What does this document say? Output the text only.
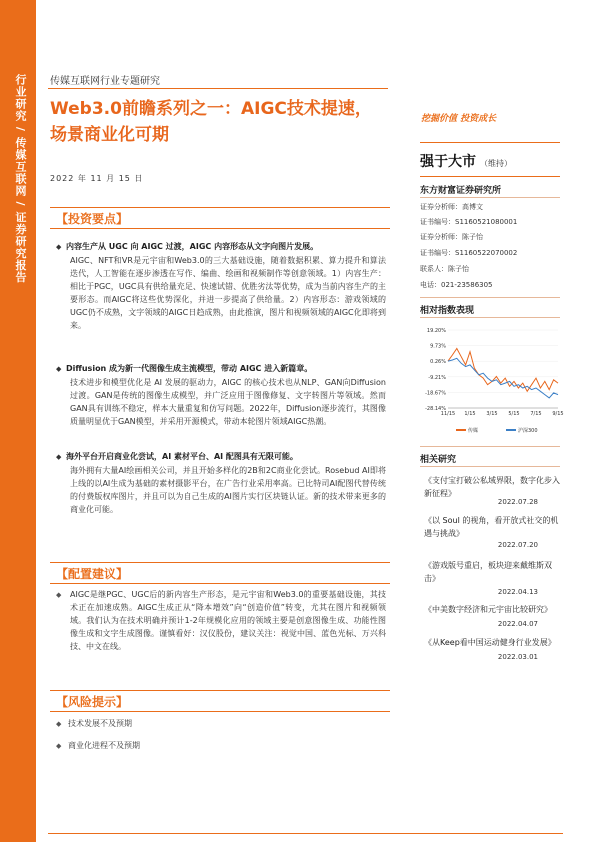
行业研究 / 传媒互联网 / 证券研究报告 传媒互联网行业专题研究
Web3.0前瞻系列之一：AIGC技术提速，
场景商业化可期
2022 年 11 月 15 日
挖掘价值 投资成长
【投资要点】
◆ 内容生产从 UGC 向 AIGC 过渡，AIGC 内容形态从文字向图片发展。
AIGC、NFT和VR是元宇宙和Web3.0的三大基础设施，随着数据积累、算力提升和算法迭代，人工智能在逐步渗透在写作、编曲、绘画和视频制作等创意领域。1）内容生产：相比于PGC，UGC具有供给量充足、快速试错、优胜劣汰等优势，成为当前内容生产的主要形态。而AIGC将这些优势深化，并进一步提高了供给量。2）内容形态：游戏领域的UGC仍不成熟，文字领域的AIGC日趋成熟，由此推演，图片和视频领域的AIGC化即将到来。
◆ Diffusion 成为新一代图像生成主流模型，带动 AIGC 进入新篇章。
技术进步和模型优化是 AI 发展的驱动力，AIGC 的核心技术也从NLP、GAN向Diffusion过渡。GAN是传统的图像生成模型，并广泛应用于图像修复、文字转图片等领域。然而GAN具有训练不稳定，样本大量重复和仿写问题。2022年，Diffusion逐步流行，其图像质量明显优于GAN模型，并采用开源模式，带动本轮图片领域AIGC热潮。
◆ 海外平台开启商业化尝试，AI 素材平台、AI 配图具有无限可能。
海外拥有大量AI绘画相关公司，并且开始多样化的2B和2C商业化尝试。Rosebud AI即将上线的以AI生成为基础的素材摄影平台，在广告行业采用率高。已比特司AI配图代替传统的付费版权库图片，并且可以为自己生成的AI图片实行区块链认证。新的技术带来更多的商业化可能。
【配置建议】
◆	AIGC是继PGC、UGC后的新内容生产形态，是元宇宙和Web3.0的重要基础设施，其技术正在加速成熟。AIGC生成正从“降本增效”向“创造价值”转变，尤其在图片和视频领域。我们认为在技术明确并预计1-2年规模化应用的领域主要是创意图像生成、功能性图像生成和文字生成图像。谨慎看好：汉仪股份，建议关注：视觉中国、蓝色光标、万兴科技、中文在线。
【风险提示】
◆ 技术发展不及预期
◆ 商业化进程不及预期
强于大市 （维持）
东方财富证券研究所
证券分析师：高博文
证书编号：S1160521080001
证券分析师：陈子怡
证书编号：S1160522070002
联系人：陈子怡
电话：021-23586305
相对指数表现
19.20%
9.73%
0.26%
-9.21%
-18.67%
-28.14%
11/15 1/15 3/15 5/15 7/15 9/15
传媒	沪深300
相关研究
《支付宝打破公私域界限，数字化步入新征程》
2022.07.28
《以 Soul 的视角，看开放式社交的机遇与挑战》
2022.07.20
《游戏版号重启，板块迎来戴维斯双击》
2022.04.13
《中美数字经济和元宇宙比较研究》
2022.04.07
《从Keep看中国运动健身行业发展》
2022.03.01
